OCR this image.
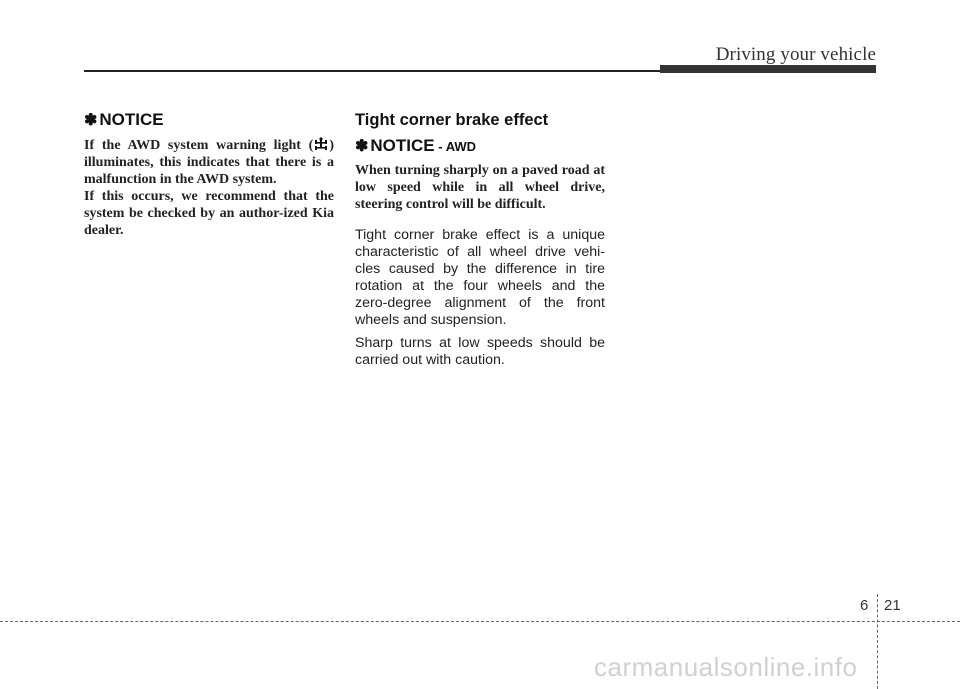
Driving your vehicle
✽ NOTICE

If the AWD system warning light ( ) illuminates, this indicates that there is a malfunction in the AWD system.

If this occurs, we recommend that the system be checked by an author-ized Kia dealer.

Tight corner brake effect
✽ NOTICE - AWD

When turning sharply on a paved road at low speed while in all wheel drive, steering control will be difficult.

Tight corner brake effect is a unique characteristic of all wheel drive vehi-cles caused by the difference in tire rotation at the four wheels and the zero-degree alignment of the front wheels and suspension.

Sharp turns at low speeds should be carried out with caution.

6 21
carmanualsonline.info
